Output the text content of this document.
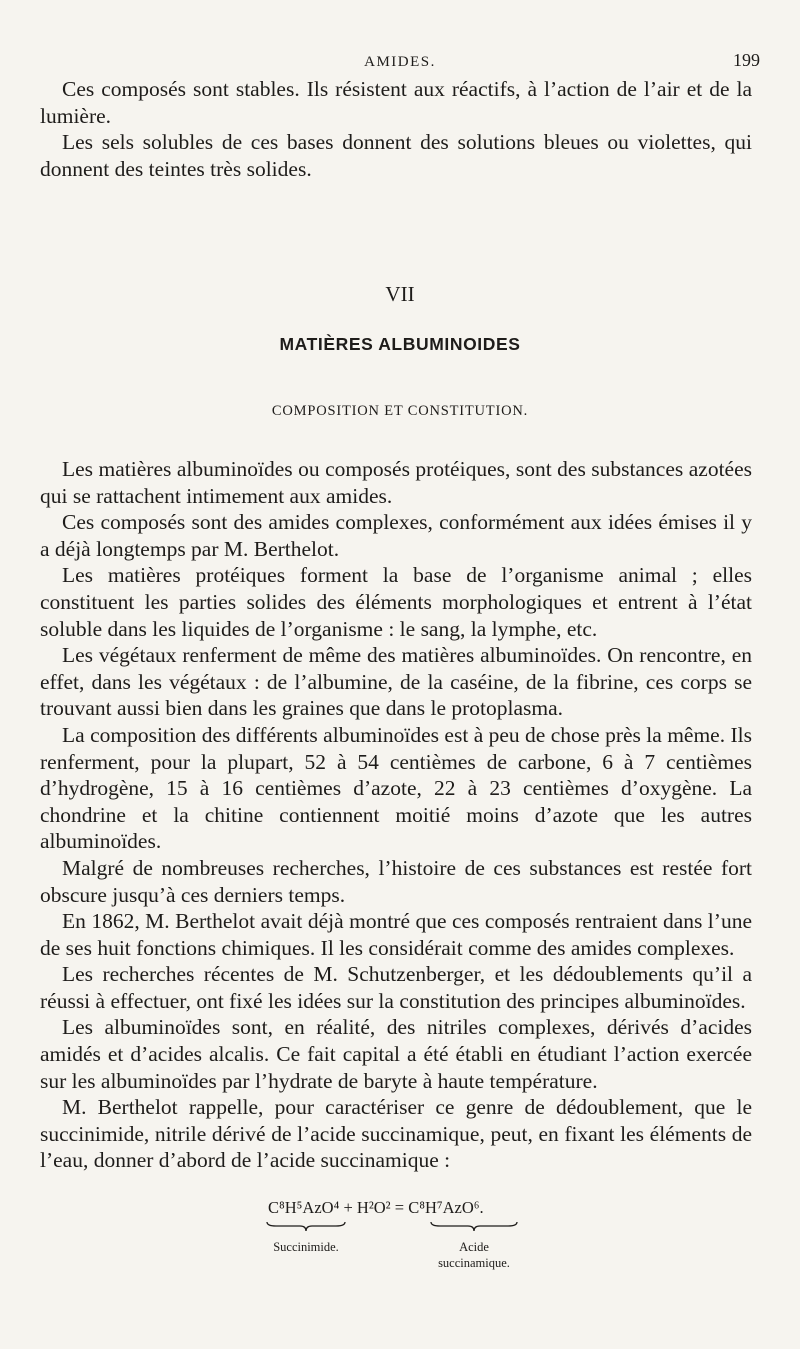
AMIDES.	199

Ces composés sont stables. Ils résistent aux réactifs, à l’action de l’air et de la lumière.

Les sels solubles de ces bases donnent des solutions bleues ou violettes, qui donnent des teintes très solides.

VII
MATIÈRES ALBUMINOIDES
COMPOSITION ET CONSTITUTION.

Les matières albuminoïdes ou composés protéiques, sont des substances azotées qui se rattachent intimement aux amides.

Ces composés sont des amides complexes, conformément aux idées émises il y a déjà longtemps par M. Berthelot.

Les matières protéiques forment la base de l’organisme animal ; elles constituent les parties solides des éléments morphologiques et entrent à l’état soluble dans les liquides de l’organisme : le sang, la lymphe, etc.

Les végétaux renferment de même des matières albuminoïdes. On rencontre, en effet, dans les végétaux : de l’albumine, de la caséine, de la fibrine, ces corps se trouvant aussi bien dans les graines que dans le protoplasma.

La composition des différents albuminoïdes est à peu de chose près la même. Ils renferment, pour la plupart, 52 à 54 centièmes de carbone, 6 à 7 centièmes d’hydrogène, 15 à 16 centièmes d’azote, 22 à 23 centièmes d’oxygène. La chondrine et la chitine contiennent moitié moins d’azote que les autres albuminoïdes.

Malgré de nombreuses recherches, l’histoire de ces substances est restée fort obscure jusqu’à ces derniers temps.

En 1862, M. Berthelot avait déjà montré que ces composés rentraient dans l’une de ses huit fonctions chimiques. Il les considérait comme des amides complexes.

Les recherches récentes de M. Schutzenberger, et les dédoublements qu’il a réussi à effectuer, ont fixé les idées sur la constitution des principes albuminoïdes.

Les albuminoïdes sont, en réalité, des nitriles complexes, dérivés d’acides amidés et d’acides alcalis. Ce fait capital a été établi en étudiant l’action exercée sur les albuminoïdes par l’hydrate de baryte à haute température.

M. Berthelot rappelle, pour caractériser ce genre de dédoublement, que le succinimide, nitrile dérivé de l’acide succinamique, peut, en fixant les éléments de l’eau, donner d’abord de l’acide succinamique :

C⁸H⁵AzO⁴ + H²O² = C⁸H⁷AzO⁶.
Succinimide.	Acide
succinamique.
